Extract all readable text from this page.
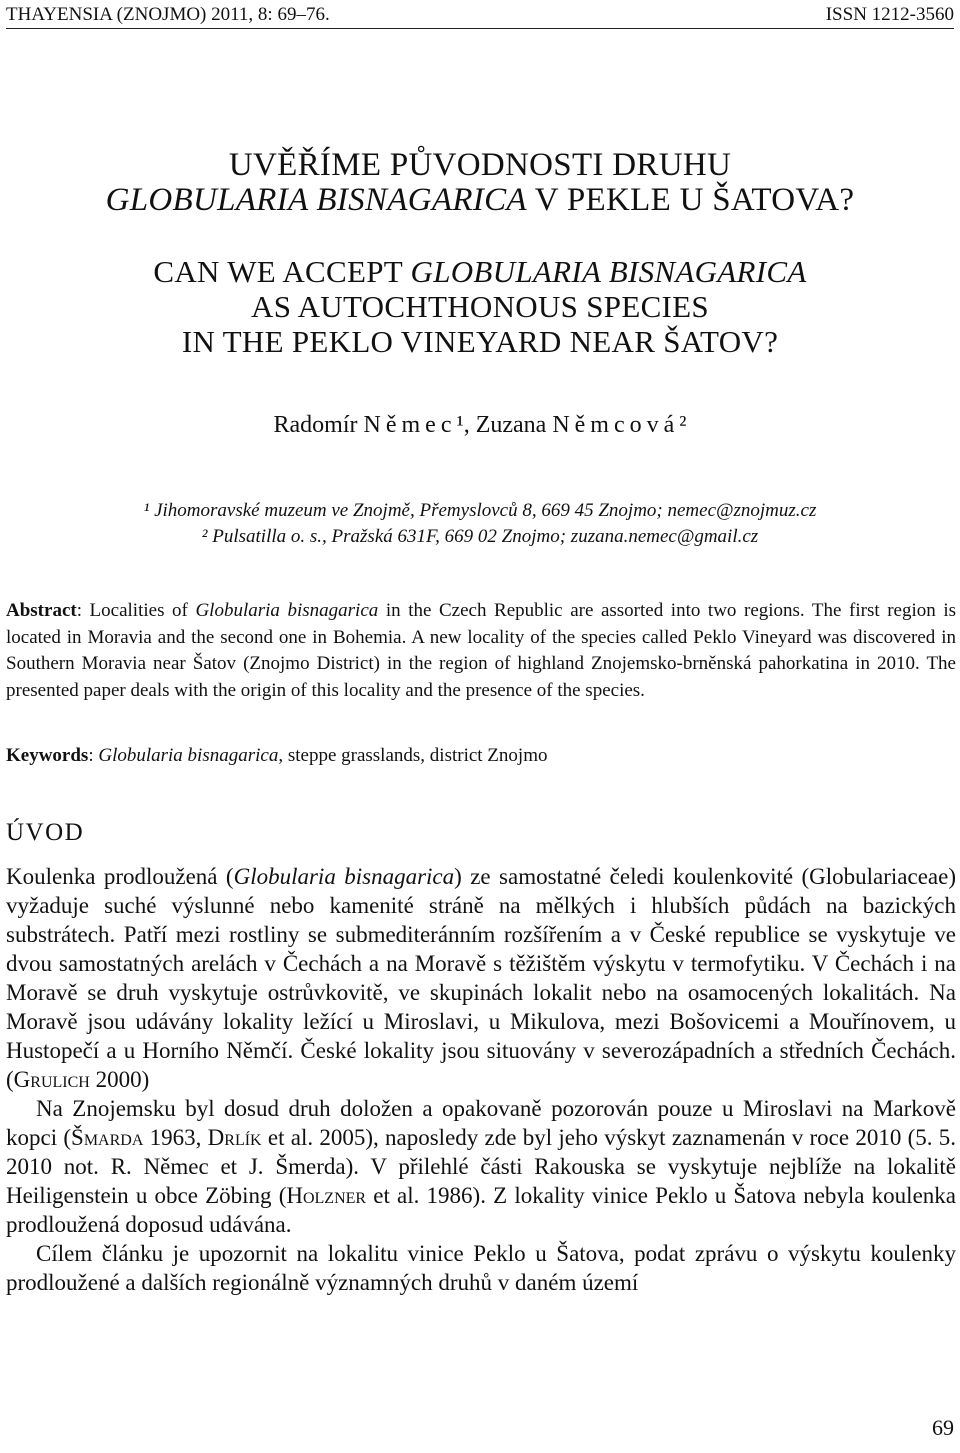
THAYENSIA (ZNOJMO) 2011, 8: 69–76.	ISSN 1212-3560
UVĚŘÍME PŮVODNOSTI DRUHU
GLOBULARIA BISNAGARICA V PEKLE U ŠATOVA?
CAN WE ACCEPT GLOBULARIA BISNAGARICA
AS AUTOCHTHONOUS SPECIES
IN THE PEKLO VINEYARD NEAR ŠATOV?
Radomír Němec¹, Zuzana Němcová²
¹ Jihomoravské muzeum ve Znojmě, Přemyslovců 8, 669 45 Znojmo; nemec@znojmuz.cz
² Pulsatilla o. s., Pražská 631F, 669 02 Znojmo; zuzana.nemec@gmail.cz
Abstract: Localities of Globularia bisnagarica in the Czech Republic are assorted into two regions. The first region is located in Moravia and the second one in Bohemia. A new locality of the species called Peklo Vineyard was discovered in Southern Moravia near Šatov (Znojmo District) in the region of highland Znojemsko-brněnská pahorkatina in 2010. The presented paper deals with the origin of this locality and the presence of the species.
Keywords: Globularia bisnagarica, steppe grasslands, district Znojmo
ÚVOD

Koulenka prodloužená (Globularia bisnagarica) ze samostatné čeledi koulenkovité (Globulariaceae) vyžaduje suché výslunné nebo kamenité stráně na mělkých i hlubších půdách na bazických substrátech. Patří mezi rostliny se submediteránním rozšířením a v České republice se vyskytuje ve dvou samostatných arelách v Čechách a na Moravě s těžištěm výskytu v termofytiku. V Čechách i na Moravě se druh vyskytuje ostrůvkovitě, ve skupinách lokalit nebo na osamocených lokalitách. Na Moravě jsou udávány lokality ležící u Miroslavi, u Mikulova, mezi Bošovicemi a Mouřínovem, u Hustopečí a u Horního Němčí. České lokality jsou situovány v severozápadních a středních Čechách. (Grulich 2000)

Na Znojemsku byl dosud druh doložen a opakovaně pozorován pouze u Miroslavi na Markově kopci (Šmarda 1963, Drlík et al. 2005), naposledy zde byl jeho výskyt zaznamenán v roce 2010 (5. 5. 2010 not. R. Němec et J. Šmerda). V přilehlé části Rakouska se vyskytuje nejblíže na lokalitě Heiligenstein u obce Zöbing (Holzner et al. 1986). Z lokality vinice Peklo u Šatova nebyla koulenka prodloužená doposud udávána.

Cílem článku je upozornit na lokalitu vinice Peklo u Šatova, podat zprávu o výskytu koulenky prodloužené a dalších regionálně významných druhů v daném území

69
